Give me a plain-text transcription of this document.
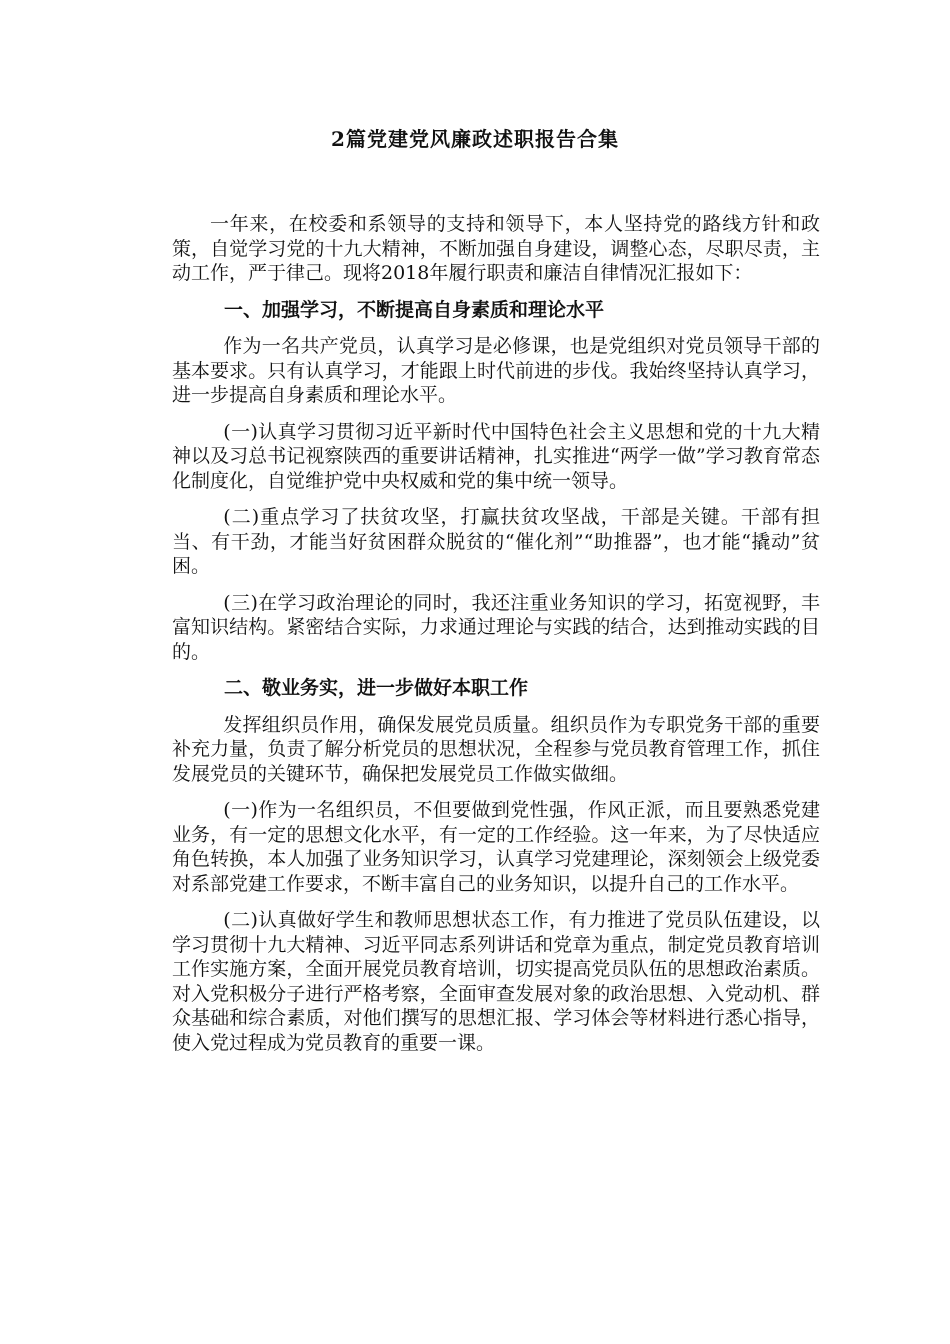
2篇党建党风廉政述职报告合集

一年来，在校委和系领导的支持和领导下，本人坚持党的路线方针和政策，自觉学习党的十九大精神，不断加强自身建设，调整心态，尽职尽责，主动工作，严于律己。现将2018年履行职责和廉洁自律情况汇报如下：

一、加强学习，不断提高自身素质和理论水平

作为一名共产党员，认真学习是必修课，也是党组织对党员领导干部的基本要求。只有认真学习，才能跟上时代前进的步伐。我始终坚持认真学习，进一步提高自身素质和理论水平。

(一)认真学习贯彻习近平新时代中国特色社会主义思想和党的十九大精神以及习总书记视察陕西的重要讲话精神，扎实推进“两学一做”学习教育常态化制度化，自觉维护党中央权威和党的集中统一领导。

(二)重点学习了扶贫攻坚，打赢扶贫攻坚战，干部是关键。干部有担当、有干劲，才能当好贫困群众脱贫的“催化剂”“助推器”，也才能“撬动”贫困。

(三)在学习政治理论的同时，我还注重业务知识的学习，拓宽视野，丰富知识结构。紧密结合实际，力求通过理论与实践的结合，达到推动实践的目的。

二、敬业务实，进一步做好本职工作

发挥组织员作用，确保发展党员质量。组织员作为专职党务干部的重要补充力量，负责了解分析党员的思想状况，全程参与党员教育管理工作，抓住发展党员的关键环节，确保把发展党员工作做实做细。

(一)作为一名组织员，不但要做到党性强，作风正派，而且要熟悉党建业务，有一定的思想文化水平，有一定的工作经验。这一年来，为了尽快适应角色转换，本人加强了业务知识学习，认真学习党建理论，深刻领会上级党委对系部党建工作要求，不断丰富自己的业务知识，以提升自己的工作水平。

(二)认真做好学生和教师思想状态工作，有力推进了党员队伍建设，以学习贯彻十九大精神、习近平同志系列讲话和党章为重点，制定党员教育培训工作实施方案，全面开展党员教育培训，切实提高党员队伍的思想政治素质。对入党积极分子进行严格考察，全面审查发展对象的政治思想、入党动机、群众基础和综合素质，对他们撰写的思想汇报、学习体会等材料进行悉心指导，使入党过程成为党员教育的重要一课。
